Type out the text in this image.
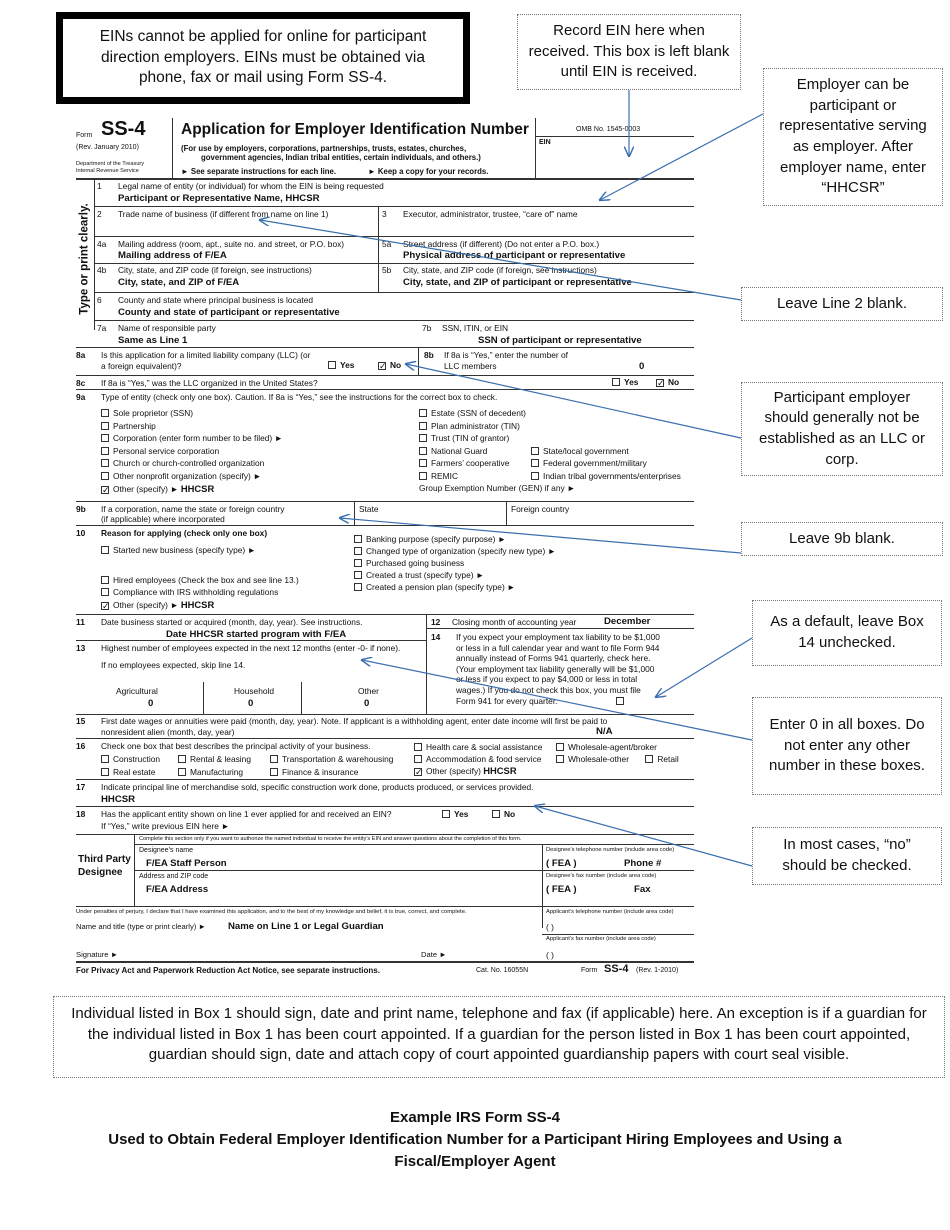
EINs cannot be applied for online for participant direction employers. EINs must be obtained via phone, fax or mail using Form SS-4.
Record EIN here when received. This box is left blank until EIN is received.
Employer can be participant or representative serving as employer. After employer name, enter “HHCSR”
Leave Line 2 blank.
Participant employer should generally not be established as an LLC or corp.
Leave 9b blank.
As a default, leave Box 14 unchecked.
Enter 0 in all boxes. Do not enter any other number in these boxes.
In most cases, “no” should be checked.
Form SS-4
(Rev. January 2010)
Department of the Treasury
Internal Revenue Service
Application for Employer Identification Number
(For use by employers, corporations, partnerships, trusts, estates, churches,
government agencies, Indian tribal entities, certain individuals, and others.)
► See separate instructions for each line.	► Keep a copy for your records.
OMB No. 1545-0003
EIN
Type or print clearly.
1 Legal name of entity (or individual) for whom the EIN is being requested
Participant or Representative Name, HHCSR
2 Trade name of business (if different from name on line 1)	3 Executor, administrator, trustee, “care of” name
4a Mailing address (room, apt., suite no. and street, or P.O. box)
Mailing address of F/EA
5a Street address (if different) (Do not enter a P.O. box.)
Physical address of participant or representative
4b City, state, and ZIP code (if foreign, see instructions)
City, state, and ZIP of F/EA
5b City, state, and ZIP code (if foreign, see instructions)
City, state, and ZIP of participant or representative
6 County and state where principal business is located
County and state of participant or representative
7a Name of responsible party
Same as Line 1
7b SSN, ITIN, or EIN
SSN of participant or representative
8a Is this application for a limited liability company (LLC) (or
a foreign equivalent)?	Yes ✓	No
8b If 8a is “Yes,” enter the number of
LLC members	0
8c If 8a is “Yes,” was the LLC organized in the United States?	Yes ✓	No
9a Type of entity (check only one box). Caution. If 8a is “Yes,” see the instructions for the correct box to check.
Sole proprietor (SSN)
Partnership
Corporation (enter form number to be filed) ►
Personal service corporation
Church or church-controlled organization
Other nonprofit organization (specify) ►
✓Other (specify) ► HHCSR
Estate (SSN of decedent)
Plan administrator (TIN)
Trust (TIN of grantor)
National Guard
Farmers’ cooperative
REMIC
Group Exemption Number (GEN) if any ►
State/local government
Federal government/military
Indian tribal governments/enterprises
9b If a corporation, name the state or foreign country
(if applicable) where incorporated
State	Foreign country
10 Reason for applying (check only one box)
Started new business (specify type) ►
Hired employees (Check the box and see line 13.)
Compliance with IRS withholding regulations
✓Other (specify) ► HHCSR
Banking purpose (specify purpose) ►
Changed type of organization (specify new type) ►
Purchased going business
Created a trust (specify type) ►
Created a pension plan (specify type) ►
11 Date business started or acquired (month, day, year). See instructions.
Date HHCSR started program with F/EA
12 Closing month of accounting year	December
13 Highest number of employees expected in the next 12 months (enter -0- if none).
If no employees expected, skip line 14.
Agricultural	Household	Other
0	0	0
14 If you expect your employment tax liability to be $1,000
or less in a full calendar year and want to file Form 944
annually instead of Forms 941 quarterly, check here.
(Your employment tax liability generally will be $1,000
or less if you expect to pay $4,000 or less in total
wages.) If you do not check this box, you must file
Form 941 for every quarter.
15 First date wages or annuities were paid (month, day, year). Note. If applicant is a withholding agent, enter date income will first be paid to
nonresident alien (month, day, year)	N/A
16 Check one box that best describes the principal activity of your business.
Construction
Real estate
Rental & leasing
Manufacturing
Transportation & warehousing
Finance & insurance
Health care & social assistance
Accommodation & food service
✓Other (specify) HHCSR
Wholesale-agent/broker
Wholesale-other	Retail
17 Indicate principal line of merchandise sold, specific construction work done, products produced, or services provided.
HHCSR
18 Has the applicant entity shown on line 1 ever applied for and received an EIN?	Yes	No
If “Yes,” write previous EIN here ►
Third Party Designee
Complete this section only if you want to authorize the named individual to receive the entity’s EIN and answer questions about the completion of this form.
Designee’s name
F/EA Staff Person
Designee’s telephone number (include area code)
( FEA )	Phone #
Address and ZIP code
F/EA Address
Designee’s fax number (include area code)
( FEA )	Fax
Under penalties of perjury, I declare that I have examined this application, and to the best of my knowledge and belief, it is true, correct, and complete.	Applicant’s telephone number (include area code)
Name and title (type or print clearly) ► Name on Line 1 or Legal Guardian	( )
Applicant’s fax number (include area code)
Signature ►	Date ►	( )
For Privacy Act and Paperwork Reduction Act Notice, see separate instructions.	Cat. No. 16055N	Form SS-4 (Rev. 1-2010)
Individual listed in Box 1 should sign, date and print name, telephone and fax (if applicable) here. An exception is if a guardian for the individual listed in Box 1 has been court appointed. If a guardian for the person listed in Box 1 has been court appointed, guardian should sign, date and attach copy of court appointed guardianship papers with court seal visible.
Example IRS Form SS-4
Used to Obtain Federal Employer Identification Number for a Participant Hiring Employees and Using a
Fiscal/Employer Agent
